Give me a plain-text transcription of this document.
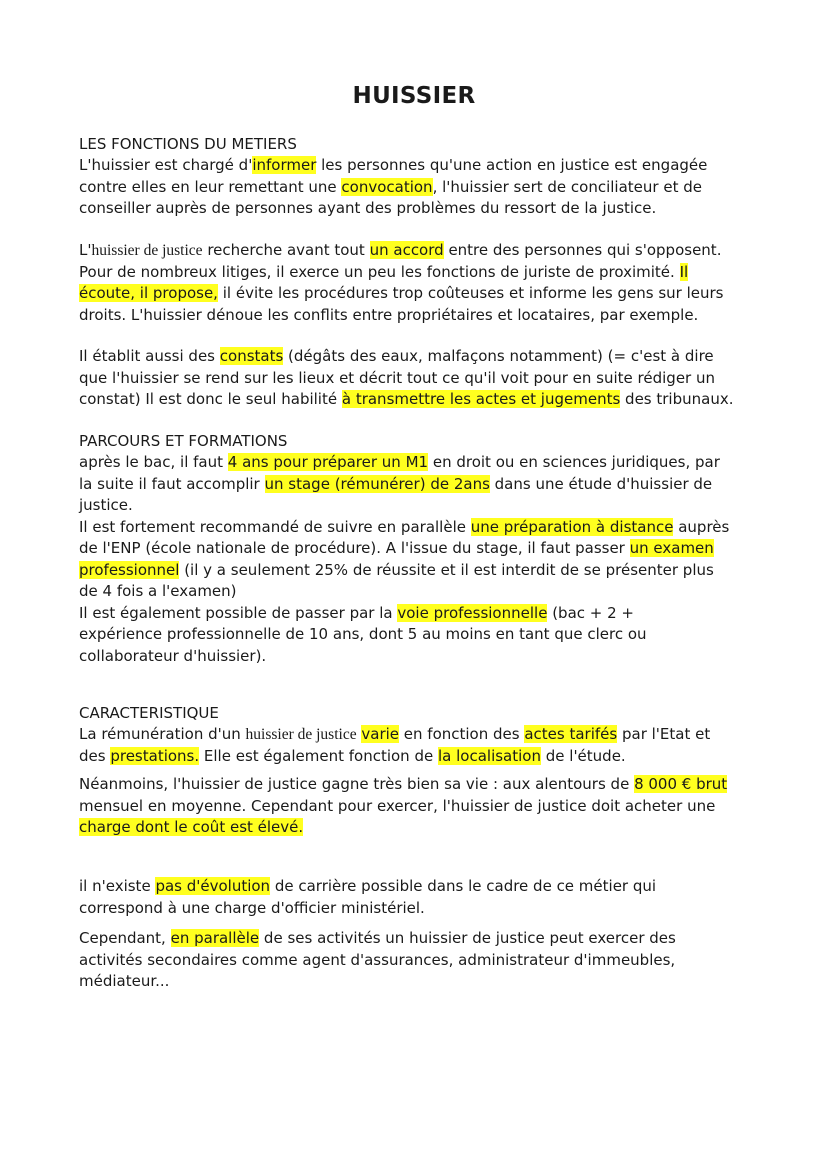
HUISSIER
LES FONCTIONS DU METIERS
L'huissier est chargé d'informer les personnes qu'une action en justice est engagée
contre elles en leur remettant une convocation, l'huissier sert de conciliateur et de
conseiller auprès de personnes ayant des problèmes du ressort de la justice.
L'huissier de justice recherche avant tout un accord entre des personnes qui s'opposent.
Pour de nombreux litiges, il exerce un peu les fonctions de juriste de proximité. Il
écoute, il propose, il évite les procédures trop coûteuses et informe les gens sur leurs
droits. L'huissier dénoue les conflits entre propriétaires et locataires, par exemple.
Il établit aussi des constats (dégâts des eaux, malfaçons notamment) (= c'est à dire
que l'huissier se rend sur les lieux et décrit tout ce qu'il voit pour en suite rédiger un
constat) Il est donc le seul habilité à transmettre les actes et jugements des tribunaux.
PARCOURS ET FORMATIONS
après le bac, il faut 4 ans pour préparer un M1 en droit ou en sciences juridiques, par
la suite il faut accomplir un stage (rémunérer) de 2ans dans une étude d'huissier de
justice.
Il est fortement recommandé de suivre en parallèle une préparation à distance auprès
de l'ENP (école nationale de procédure). A l'issue du stage, il faut passer un examen
professionnel (il y a seulement 25% de réussite et il est interdit de se présenter plus
de 4 fois a l'examen)
Il est également possible de passer par la voie professionnelle (bac + 2 +
expérience professionnelle de 10 ans, dont 5 au moins en tant que clerc ou
collaborateur d'huissier).
CARACTERISTIQUE
La rémunération d'un huissier de justice varie en fonction des actes tarifés par l'Etat et
des prestations. Elle est également fonction de la localisation de l'étude.
Néanmoins, l'huissier de justice gagne très bien sa vie : aux alentours de 8 000 € brut
mensuel en moyenne. Cependant pour exercer, l'huissier de justice doit acheter une
charge dont le coût est élevé.
il n'existe pas d'évolution de carrière possible dans le cadre de ce métier qui
correspond à une charge d'officier ministériel.
Cependant, en parallèle de ses activités un huissier de justice peut exercer des
activités secondaires comme agent d'assurances, administrateur d'immeubles,
médiateur...
